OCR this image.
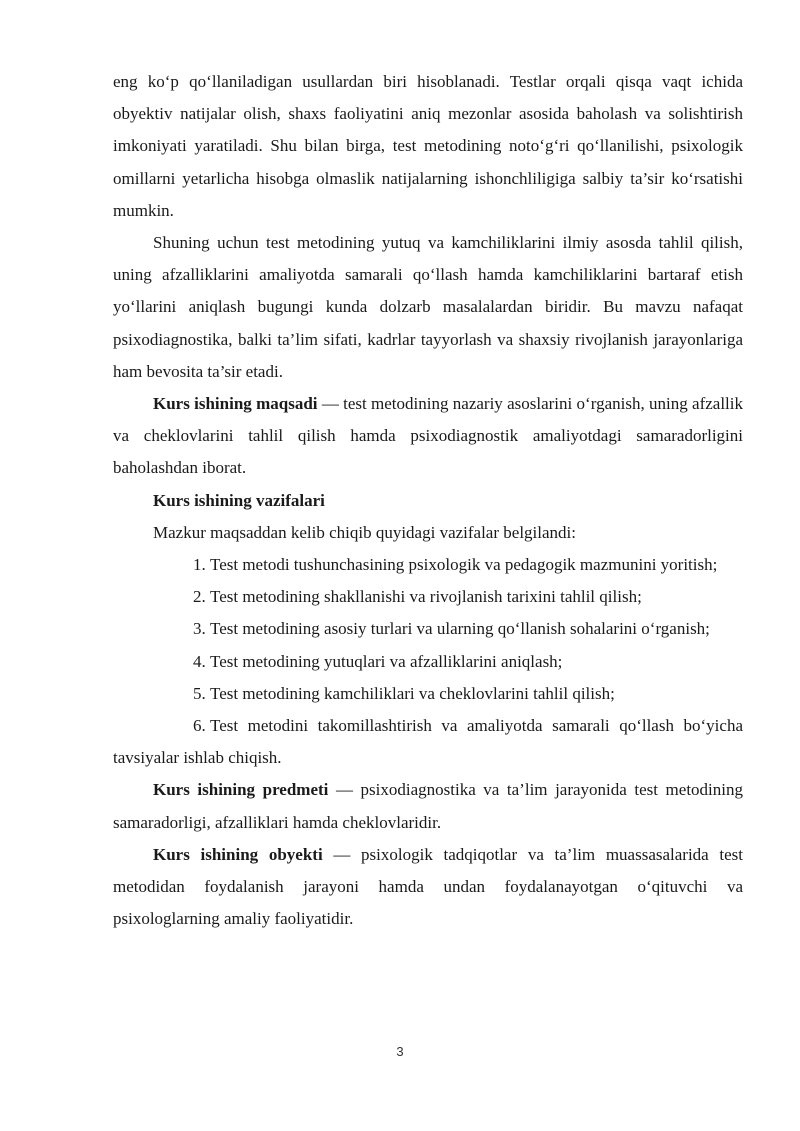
eng ko‘p qo‘llaniladigan usullardan biri hisoblanadi. Testlar orqali qisqa vaqt ichida obyektiv natijalar olish, shaxs faoliyatini aniq mezonlar asosida baholash va solishtirish imkoniyati yaratiladi. Shu bilan birga, test metodining noto‘g‘ri qo‘llanilishi, psixologik omillarni yetarlicha hisobga olmaslik natijalarning ishonchliligiga salbiy ta’sir ko‘rsatishi mumkin.

Shuning uchun test metodining yutuq va kamchiliklarini ilmiy asosda tahlil qilish, uning afzalliklarini amaliyotda samarali qo‘llash hamda kamchiliklarini bartaraf etish yo‘llarini aniqlash bugungi kunda dolzarb masalalardan biridir. Bu mavzu nafaqat psixodiagnostika, balki ta’lim sifati, kadrlar tayyorlash va shaxsiy rivojlanish jarayonlariga ham bevosita ta’sir etadi.

Kurs ishining maqsadi — test metodining nazariy asoslarini o‘rganish, uning afzallik va cheklovlarini tahlil qilish hamda psixodiagnostik amaliyotdagi samaradorligini baholashdan iborat.

Kurs ishining vazifalari

Mazkur maqsaddan kelib chiqib quyidagi vazifalar belgilandi:

1. Test metodi tushunchasining psixologik va pedagogik mazmunini yoritish;

2. Test metodining shakllanishi va rivojlanish tarixini tahlil qilish;

3. Test metodining asosiy turlari va ularning qo‘llanish sohalarini o‘rganish;

4. Test metodining yutuqlari va afzalliklarini aniqlash;

5. Test metodining kamchiliklari va cheklovlarini tahlil qilish;

6. Test metodini takomillashtirish va amaliyotda samarali qo‘llash bo‘yicha tavsiyalar ishlab chiqish.

Kurs ishining predmeti — psixodiagnostika va ta’lim jarayonida test metodining samaradorligi, afzalliklari hamda cheklovlaridir.

Kurs ishining obyekti — psixologik tadqiqotlar va ta’lim muassasalarida test metodidan foydalanish jarayoni hamda undan foydalanayotgan o‘qituvchi va psixologlarning amaliy faoliyatidir.

3
